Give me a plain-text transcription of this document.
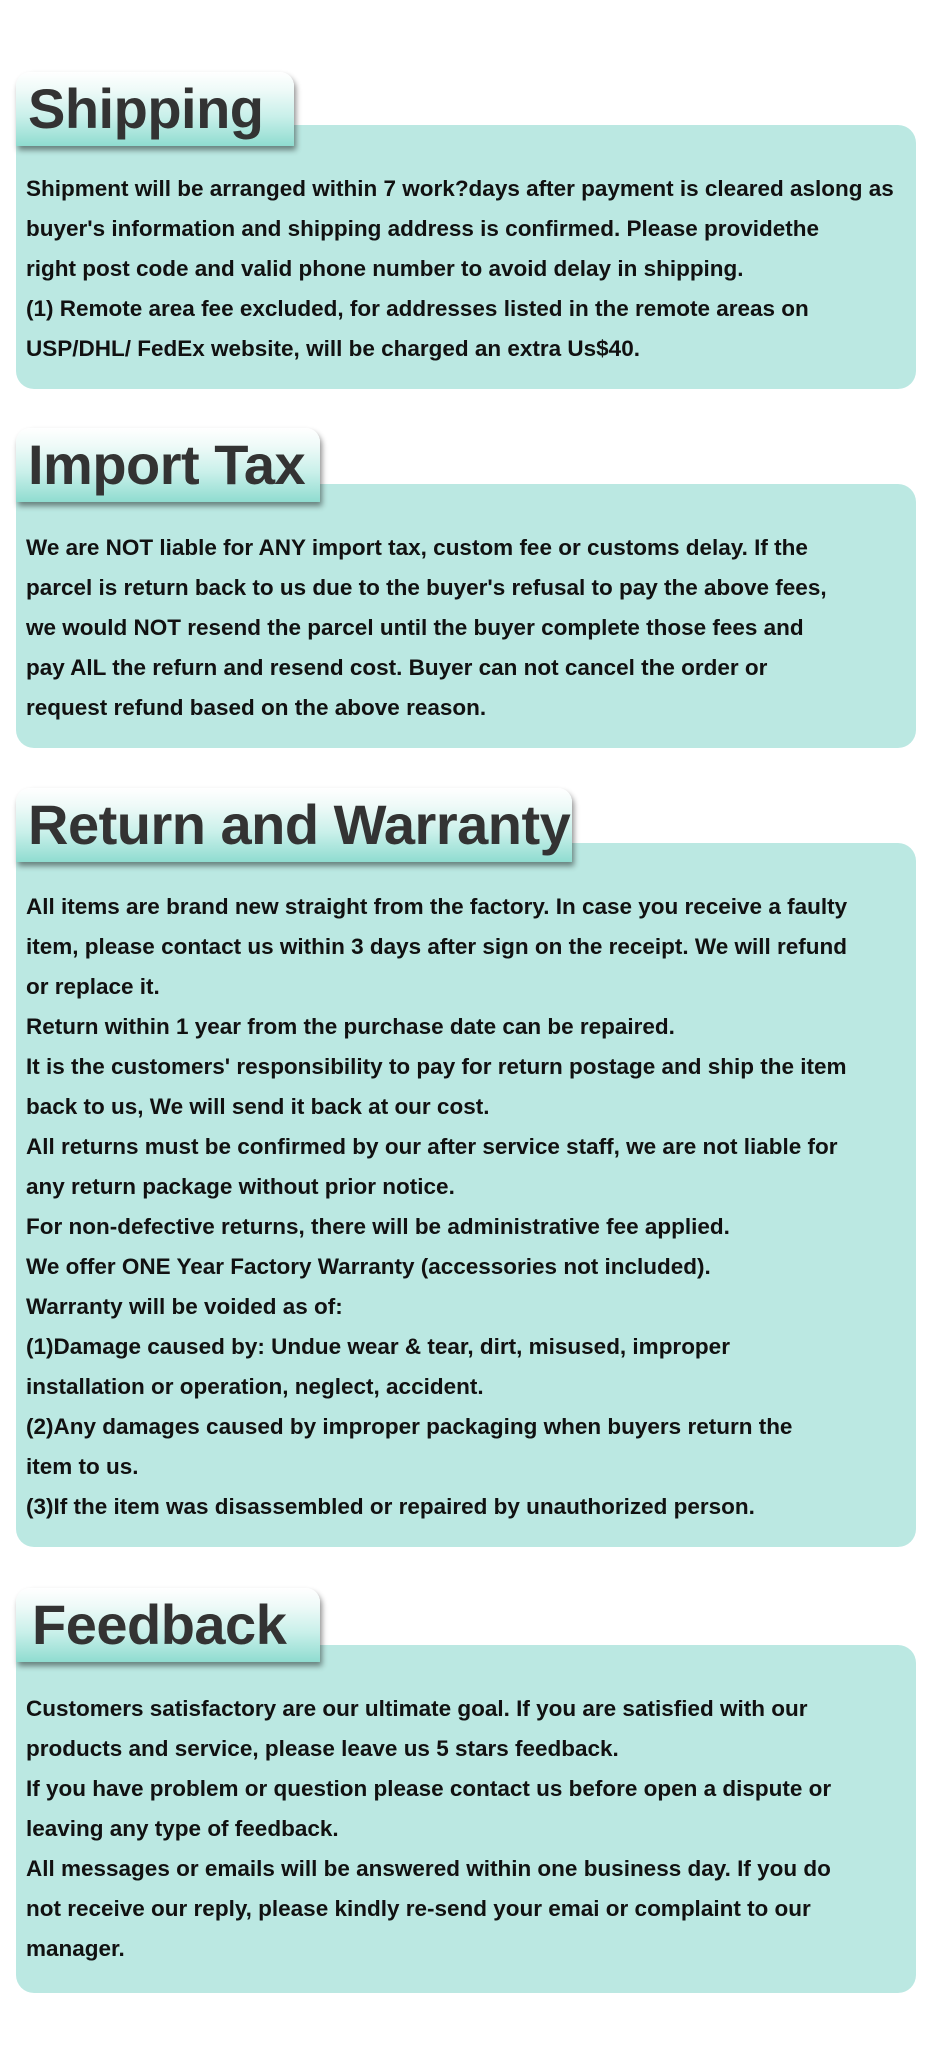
Shipment will be arranged within 7 work?days after payment is cleared aslong as

buyer's information and shipping address is confirmed. Please providethe

right post code and valid phone number to avoid delay in shipping.

(1) Remote area fee excluded, for addresses listed in the remote areas on

USP/DHL/ FedEx website, will be charged an extra Us$40.

Shipping

We are NOT liable for ANY import tax, custom fee or customs delay. If the

parcel is return back to us due to the buyer's refusal to pay the above fees,

we would NOT resend the parcel until the buyer complete those fees and

pay AlL the refurn and resend cost. Buyer can not cancel the order or

request refund based on the above reason.

Import Tax

All items are brand new straight from the factory. In case you receive a faulty

item, please contact us within 3 days after sign on the receipt. We will refund

or replace it.

Return within 1 year from the purchase date can be repaired.

It is the customers' responsibility to pay for return postage and ship the item

back to us, We will send it back at our cost.

All returns must be confirmed by our after service staff, we are not liable for

any return package without prior notice.

For non-defective returns, there will be administrative fee applied.

We offer ONE Year Factory Warranty (accessories not included).

Warranty will be voided as of:

(1)Damage caused by: Undue wear & tear, dirt, misused, improper

installation or operation, neglect, accident.

(2)Any damages caused by improper packaging when buyers return the

item to us.

(3)If the item was disassembled or repaired by unauthorized person.

Return and Warranty

Customers satisfactory are our ultimate goal. If you are satisfied with our

products and service, please leave us 5 stars feedback.

If you have problem or question please contact us before open a dispute or

leaving any type of feedback.

All messages or emails will be answered within one business day. If you do

not receive our reply, please kindly re-send your emai or complaint to our

manager.

Feedback
